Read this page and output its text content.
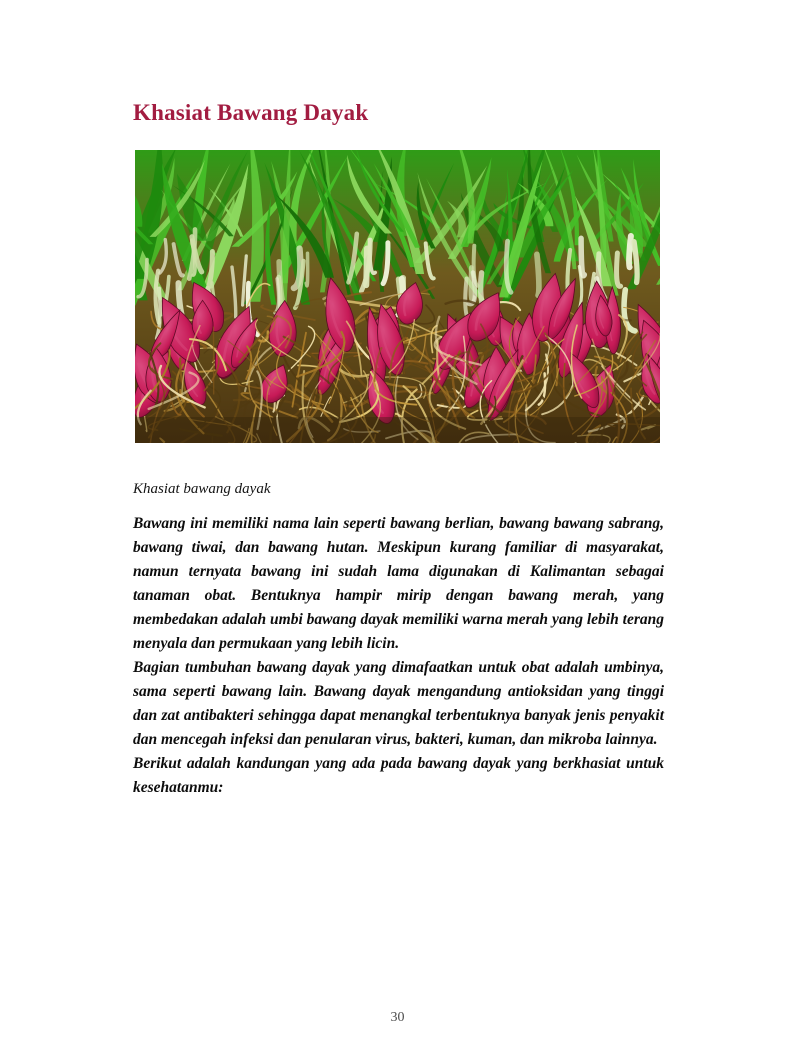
Khasiat Bawang Dayak

Khasiat bawang dayak

Bawang ini memiliki nama lain seperti bawang berlian, bawang bawang sabrang, bawang tiwai, dan bawang hutan. Meskipun kurang familiar di masyarakat, namun ternyata bawang ini sudah lama digunakan di Kalimantan sebagai tanaman obat. Bentuknya hampir mirip dengan bawang merah, yang membedakan adalah umbi bawang dayak memiliki warna merah yang lebih terang menyala dan permukaan yang lebih licin.

Bagian tumbuhan bawang dayak yang dimafaatkan untuk obat adalah umbinya, sama seperti bawang lain. Bawang dayak mengandung antioksidan yang tinggi dan zat antibakteri sehingga dapat menangkal terbentuknya banyak jenis penyakit dan mencegah infeksi dan penularan virus, bakteri, kuman, dan mikroba lainnya.

Berikut adalah kandungan yang ada pada bawang dayak yang berkhasiat untuk kesehatanmu:

30
